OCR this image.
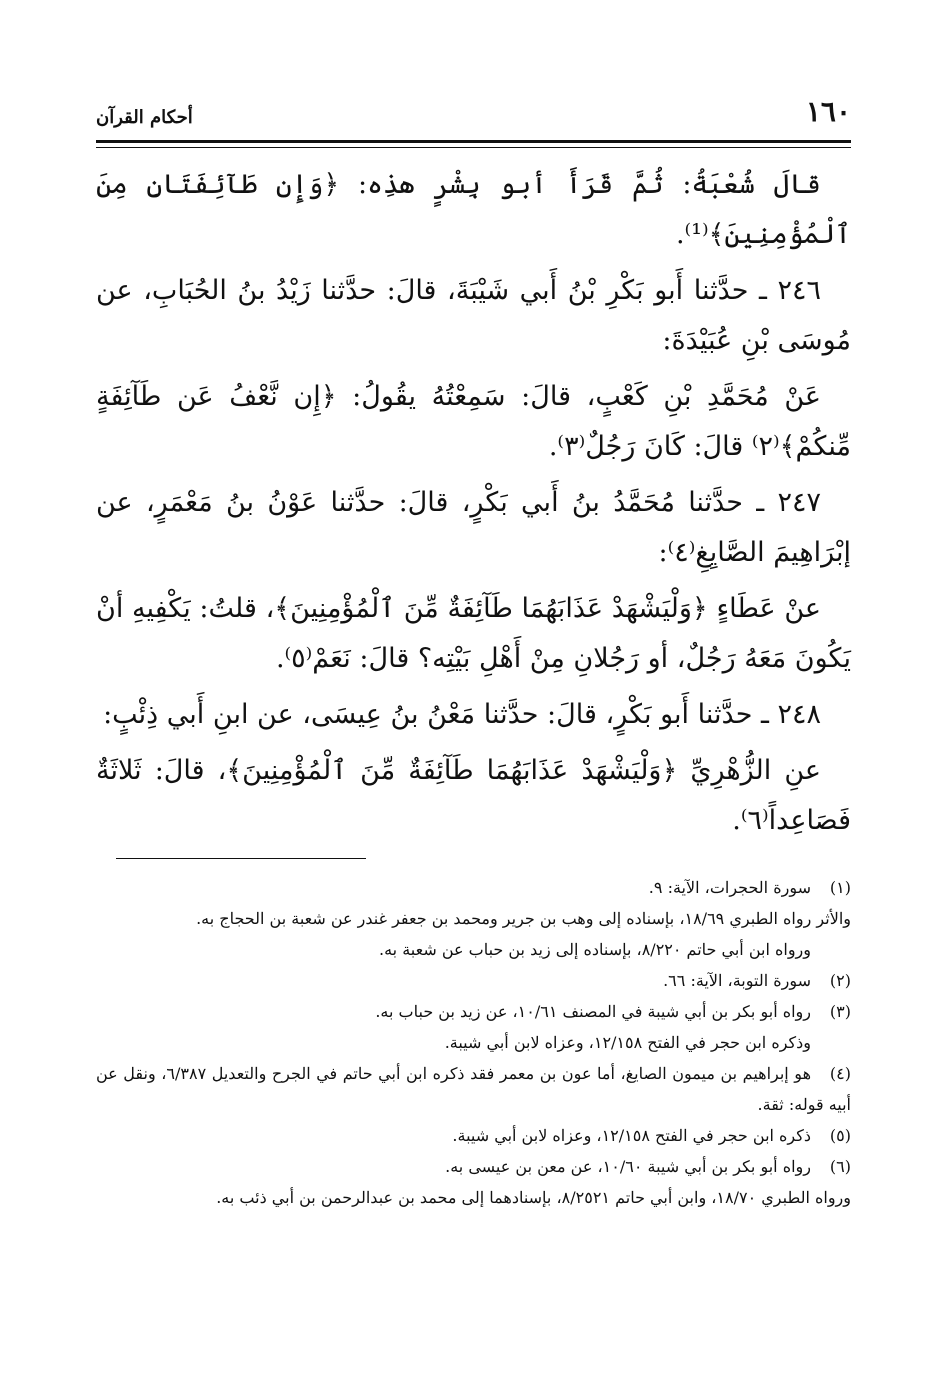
١٦٠
أحكام القرآن

قالَ شُعْبَةُ: ثُمَّ قَرَأَ أبو بِشْرٍ هذِه: ﴿وَإِن طَآئِفَتَانِ مِنَ ٱلْمُؤْمِنِينَ﴾⁽¹⁾.

٢٤٦ ـ حدَّثنا أَبو بَكْرِ بْنُ أَبي شَيْبَةَ، قالَ: حدَّثنا زَيْدُ بنُ الحُبَابِ، عن مُوسَى بْنِ عُبَيْدَةَ:

عَنْ مُحَمَّدِ بْنِ كَعْبٍ، قالَ: سَمِعْتُهُ يقُولُ: ﴿إِن نَّعْفُ عَن طَآئِفَةٍ مِّنكُمْ﴾⁽٢⁾ قالَ: كَانَ رَجُلٌ⁽٣⁾.

٢٤٧ ـ حدَّثنا مُحَمَّدُ بنُ أَبي بَكْرٍ، قالَ: حدَّثنا عَوْنُ بنُ مَعْمَرٍ، عن إبْرَاهِيمَ الصَّايِغِ⁽٤⁾:

عنْ عَطَاءٍ ﴿وَلْيَشْهَدْ عَذَابَهُمَا طَآئِفَةٌ مِّنَ ٱلْمُؤْمِنِينَ﴾، قلتُ: يَكْفِيهِ أنْ يَكُونَ مَعَهُ رَجُلٌ، أو رَجُلانِ مِنْ أَهْلِ بَيْتِه؟ قالَ: نَعَمْ⁽٥⁾.

٢٤٨ ـ حدَّثنا أَبو بَكْرٍ، قالَ: حدَّثنا مَعْنُ بنُ عِيسَى، عن ابنِ أَبي ذِئْبٍ:

عنِ الزُّهْرِيِّ ﴿وَلْيَشْهَدْ عَذَابَهُمَا طَآئِفَةٌ مِّنَ ٱلْمُؤْمِنِينَ﴾، قالَ: ثَلاثَةٌ فَصَاعِداً⁽٦⁾.

(١)سورة الحجرات، الآية: ٩.

والأثر رواه الطبري ١٨/٦٩، بإسناده إلى وهب بن جرير ومحمد بن جعفر غندر عن شعبة بن الحجاج به.

ورواه ابن أبي حاتم ٨/٢٢٠، بإسناده إلى زيد بن حباب عن شعبة به.

(٢)سورة التوبة، الآية: ٦٦.

(٣)رواه أبو بكر بن أبي شيبة في المصنف ١٠/٦١، عن زيد بن حباب به.

وذكره ابن حجر في الفتح ١٢/١٥٨، وعزاه لابن أبي شيبة.

(٤)هو إبراهيم بن ميمون الصايغ، أما عون بن معمر فقد ذكره ابن أبي حاتم في الجرح والتعديل ٦/٣٨٧، ونقل عن أبيه قوله: ثقة.

(٥)ذكره ابن حجر في الفتح ١٢/١٥٨، وعزاه لابن أبي شيبة.

(٦)رواه أبو بكر بن أبي شيبة ١٠/٦٠، عن معن بن عيسى به.

ورواه الطبري ١٨/٧٠، وابن أبي حاتم ٨/٢٥٢١، بإسنادهما إلى محمد بن عبدالرحمن بن أبي ذئب به.
